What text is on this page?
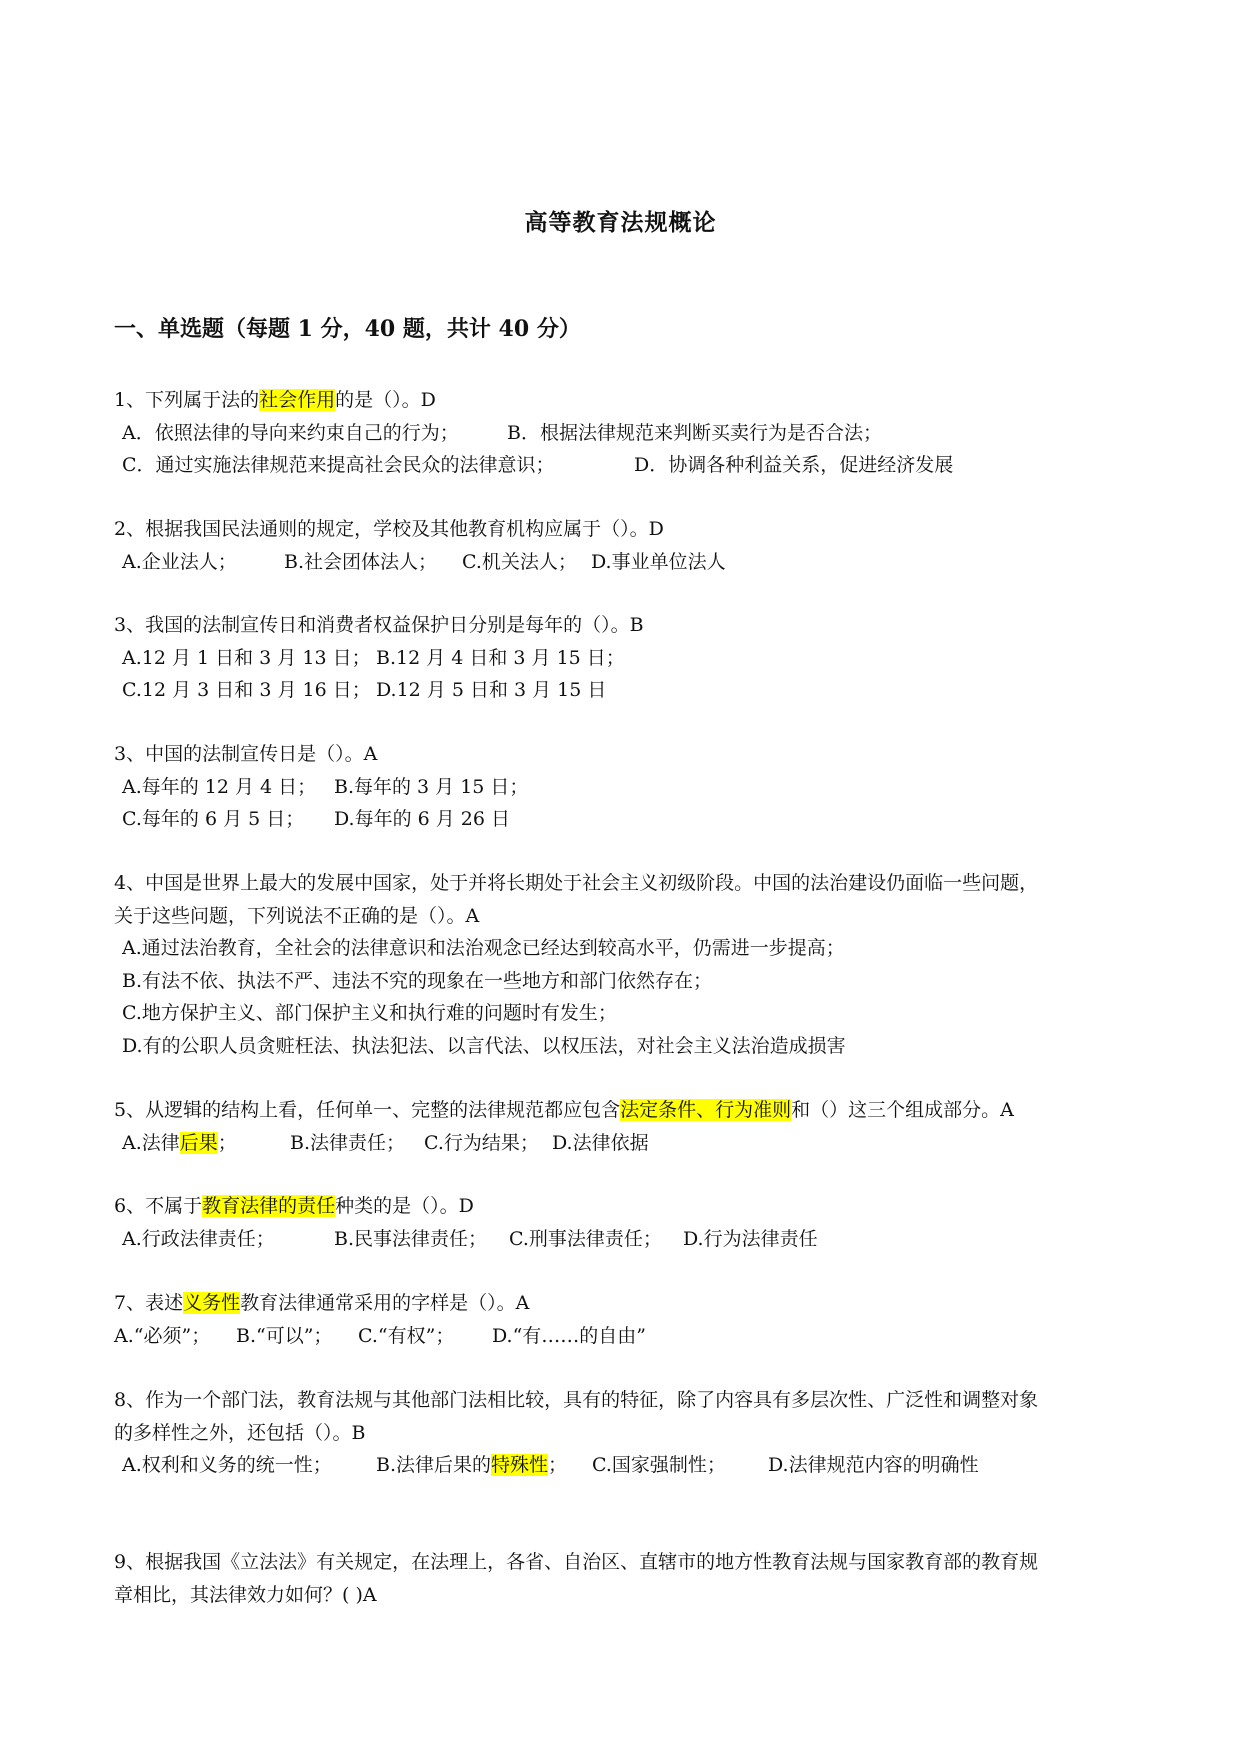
高等教育法规概论
一、单选题（每题 1 分，40 题，共计 40 分）
1、下列属于法的社会作用的是（）。D
A．依照法律的导向来约束自己的行为；	B．根据法律规范来判断买卖行为是否合法；
C．通过实施法律规范来提高社会民众的法律意识；	D．协调各种利益关系，促进经济发展
2、根据我国民法通则的规定，学校及其他教育机构应属于（）。D
A.企业法人； B.社会团体法人； C.机关法人； D.事业单位法人
3、我国的法制宣传日和消费者权益保护日分别是每年的（）。B
A.12 月 1 日和 3 月 13 日； B.12 月 4 日和 3 月 15 日；
C.12 月 3 日和 3 月 16 日； D.12 月 5 日和 3 月 15 日
3、中国的法制宣传日是（）。A
A.每年的 12 月 4 日； B.每年的 3 月 15 日；
C.每年的 6 月 5 日； D.每年的 6 月 26 日
4、中国是世界上最大的发展中国家，处于并将长期处于社会主义初级阶段。中国的法治建设仍面临一些问题，
关于这些问题，下列说法不正确的是（）。A
A.通过法治教育，全社会的法律意识和法治观念已经达到较高水平，仍需进一步提高；
B.有法不依、执法不严、违法不究的现象在一些地方和部门依然存在；
C.地方保护主义、部门保护主义和执行难的问题时有发生；
D.有的公职人员贪赃枉法、执法犯法、以言代法、以权压法，对社会主义法治造成损害
5、从逻辑的结构上看，任何单一、完整的法律规范都应包含法定条件、行为准则和（）这三个组成部分。A
A.法律后果；	B.法律责任； C.行为结果； D.法律依据
6、不属于教育法律的责任种类的是（）。D
A.行政法律责任；	B.民事法律责任； C.刑事法律责任； D.行为法律责任
7、表述义务性教育法律通常采用的字样是（）。A
A.“必须”； B.“可以”； C.“有权”； D.“有……的自由”
8、作为一个部门法，教育法规与其他部门法相比较，具有的特征，除了内容具有多层次性、广泛性和调整对象
的多样性之外，还包括（）。B
A.权利和义务的统一性； B.法律后果的特殊性； C.国家强制性； D.法律规范内容的明确性
9、根据我国《立法法》有关规定，在法理上，各省、自治区、直辖市的地方性教育法规与国家教育部的教育规
章相比，其法律效力如何？( )A
